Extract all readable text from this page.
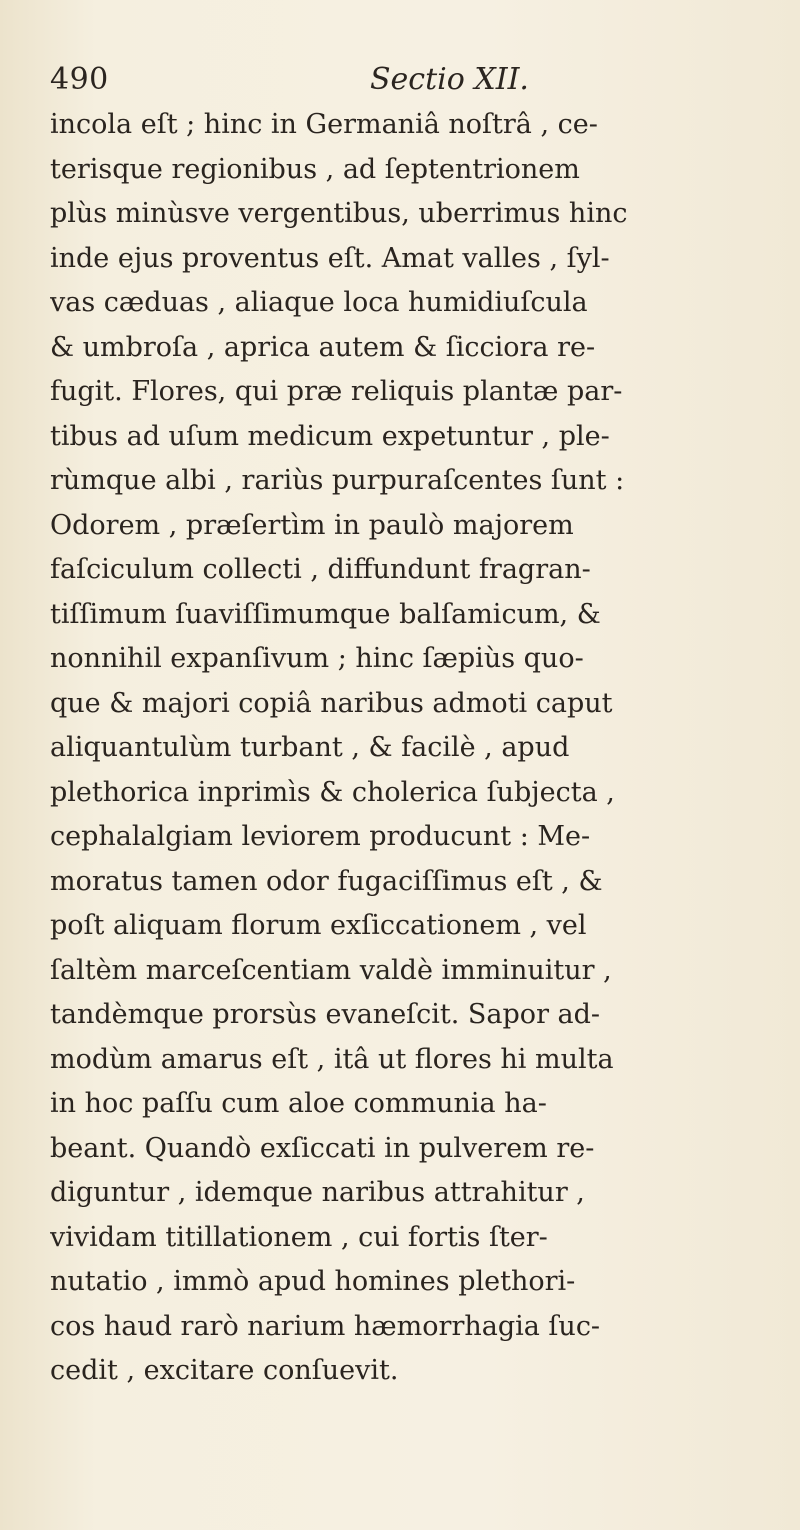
490	Sectio XII.
incola eſt ; hinc in Germaniâ noſtrâ , ce-
terisque regionibus , ad ſeptentrionem
plùs minùsve vergentibus, uberrimus hinc
inde ejus proventus eſt. Amat valles , ſyl-
vas cæduas , aliaque loca humidiuſcula
& umbroſa , aprica autem & ſicciora re-
fugit. Flores, qui præ reliquis plantæ par-
tibus ad uſum medicum expetuntur , ple-
rùmque albi , rariùs purpuraſcentes ſunt :
Odorem , præſertìm in paulò majorem
faſciculum collecti , diffundunt fragran-
tiſſimum ſuaviſſimumque balſamicum, &
nonnihil expanſivum ; hinc ſæpiùs quo-
que & majori copiâ naribus admoti caput
aliquantulùm turbant , & facilè , apud
plethorica inprimìs & cholerica ſubjecta ,
cephalalgiam leviorem producunt : Me-
moratus tamen odor fugaciſſimus eſt , &
poſt aliquam florum exſiccationem , vel
ſaltèm marceſcentiam valdè imminuitur ,
tandèmque prorsùs evaneſcit. Sapor ad-
modùm amarus eſt , itâ ut flores hi multa
in hoc paſſu cum aloe communia ha-
beant. Quandò exſiccati in pulverem re-
diguntur , idemque naribus attrahitur ,
vividam titillationem , cui fortis ſter-
nutatio , immò apud homines plethori-
cos haud rarò narium hæmorrhagia ſuc-
cedit , excitare conſuevit.
